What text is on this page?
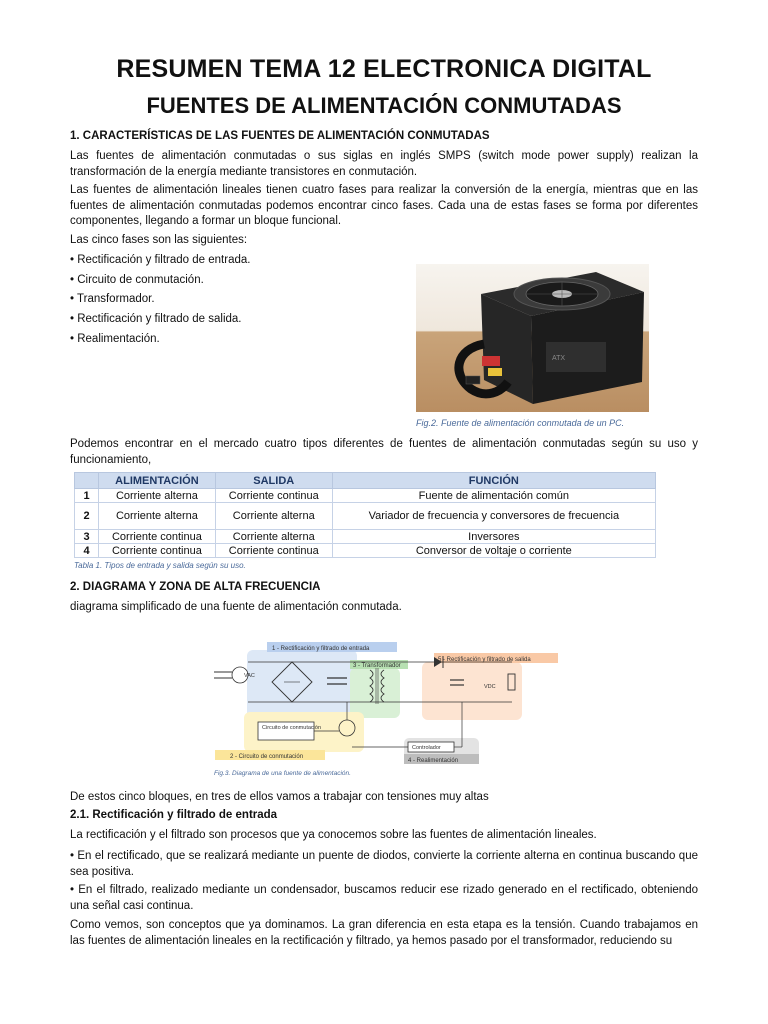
RESUMEN TEMA 12 ELECTRONICA DIGITAL
FUENTES DE ALIMENTACIÓN CONMUTADAS
1. CARACTERÍSTICAS DE LAS FUENTES DE ALIMENTACIÓN CONMUTADAS
Las fuentes de alimentación conmutadas o sus siglas en inglés SMPS (switch mode power supply) realizan la transformación de la energía mediante transistores en conmutación.
Las fuentes de alimentación lineales tienen cuatro fases para realizar la conversión de la energía, mientras que en las fuentes de alimentación conmutadas podemos encontrar cinco fases. Cada una de estas fases se forma por diferentes componentes, llegando a formar un bloque funcional.
Las cinco fases son las siguientes:
• Rectificación y filtrado de entrada.
• Circuito de conmutación.
• Transformador.
• Rectificación y filtrado de salida.
• Realimentación.
ATX
Fig.2. Fuente de alimentación conmutada de un PC.
Podemos encontrar en el mercado cuatro tipos diferentes de fuentes de alimentación conmutadas según su uso y funcionamiento,
	ALIMENTACIÓN	SALIDA	FUNCIÓN
1	Corriente alterna	Corriente continua	Fuente de alimentación común
2	Corriente alterna	Corriente alterna	Variador de frecuencia y conversores de frecuencia
3	Corriente continua	Corriente alterna	Inversores
4	Corriente continua	Corriente continua	Conversor de voltaje o corriente
Tabla 1. Tipos de entrada y salida según su uso.
2. DIAGRAMA Y ZONA DE ALTA FRECUENCIA
diagrama simplificado de una fuente de alimentación conmutada.
1 - Rectificación y filtrado de entrada
3 - Transformador
5 - Rectificación y filtrado de salida
2 - Circuito de conmutación
4 - Realimentación
VAC
VDC
Circuito de conmutación
Controlador
Fig.3. Diagrama de una fuente de alimentación.
De estos cinco bloques, en tres de ellos vamos a trabajar con tensiones muy altas
2.1. Rectificación y filtrado de entrada
La rectificación y el filtrado son procesos que ya conocemos sobre las fuentes de alimentación lineales.
• En el rectificado, que se realizará mediante un puente de diodos, convierte la corriente alterna en continua buscando que sea positiva.
• En el filtrado, realizado mediante un condensador, buscamos reducir ese rizado generado en el rectificado, obteniendo una señal casi continua.
Como vemos, son conceptos que ya dominamos. La gran diferencia en esta etapa es la tensión. Cuando trabajamos en las fuentes de alimentación lineales en la rectificación y filtrado, ya hemos pasado por el transformador, reduciendo su
